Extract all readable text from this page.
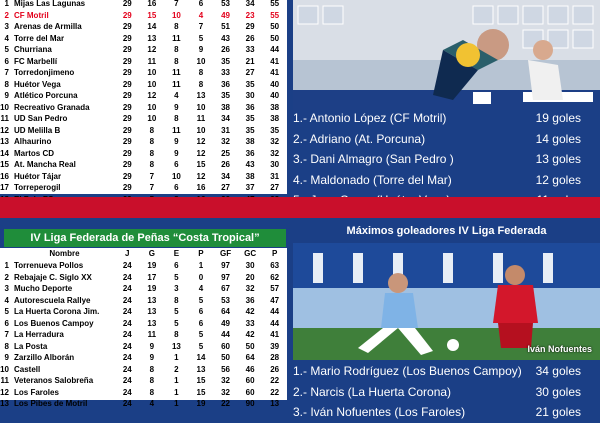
1	Mijas Las Lagunas	29	16	7	6	53	34	55
2	CF Motril	29	15	10	4	49	23	55
3	Arenas de Armilla	29	14	8	7	51	29	50
4	Torre del Mar	29	13	11	5	43	26	50
5	Churriana	29	12	8	9	26	33	44
6	FC Marbellí	29	11	8	10	35	21	41
7	Torredonjimeno	29	10	11	8	33	27	41
8	Huétor Vega	29	10	11	8	36	35	40
9	Atlético Porcuna	29	12	4	13	35	30	40
10	Recreativo Granada	29	10	9	10	38	36	38
11	UD San Pedro	29	10	8	11	34	35	38
12	UD Melilla B	29	8	11	10	31	35	35
13	Alhaurino	29	8	9	12	32	38	32
14	Martos CD	29	8	9	12	25	36	32
15	At. Mancha Real	29	8	6	15	26	43	30
16	Huétor Tájar	29	7	10	12	34	38	31
17	Torreperogil	29	7	6	16	27	37	27

1.- Antonio López (CF Motril)	19 goles
2.- Adriano (At. Porcuna)	14 goles
3.- Dani Almagro (San Pedro )	13 goles
4.- Maldonado (Torre del Mar)	12 goles
IV Liga Federada de Peñas “Costa Tropical”
	Nombre	J	G	E	P	GF	GC	P
1	Torrenueva Pollos	24	19	6	1	97	30	63
2	Rebajaje C. Siglo XX	24	17	5	0	97	20	62
3	Mucho Deporte	24	19	3	4	67	32	57
4	Autorescuela Rallye	24	13	8	5	53	36	47
5	La Huerta Corona Jim.	24	13	5	6	64	42	44
6	Los Buenos Campoy	24	13	5	6	49	33	44
7	La Herradura	24	11	8	5	44	42	41
8	La Posta	24	9	13	5	60	50	39
9	Zarzillo Alborán	24	9	1	14	50	64	28
10	Castell	24	8	2	13	56	46	26
11	Veteranos Salobreña	24	8	1	15	32	60	22
12	Los Faroles	24	8	1	15	32	60	22
13	Los Pibes de Motril	24	4	1	19	22	90	13
Máximos goleadores IV Liga Federada
Iván Nofuentes
1.- Mario Rodríguez (Los Buenos Campoy) 34 goles
2.- Narcis (La Huerta Corona)	30 goles
3.- Iván Nofuentes (Los Faroles)	21 goles
